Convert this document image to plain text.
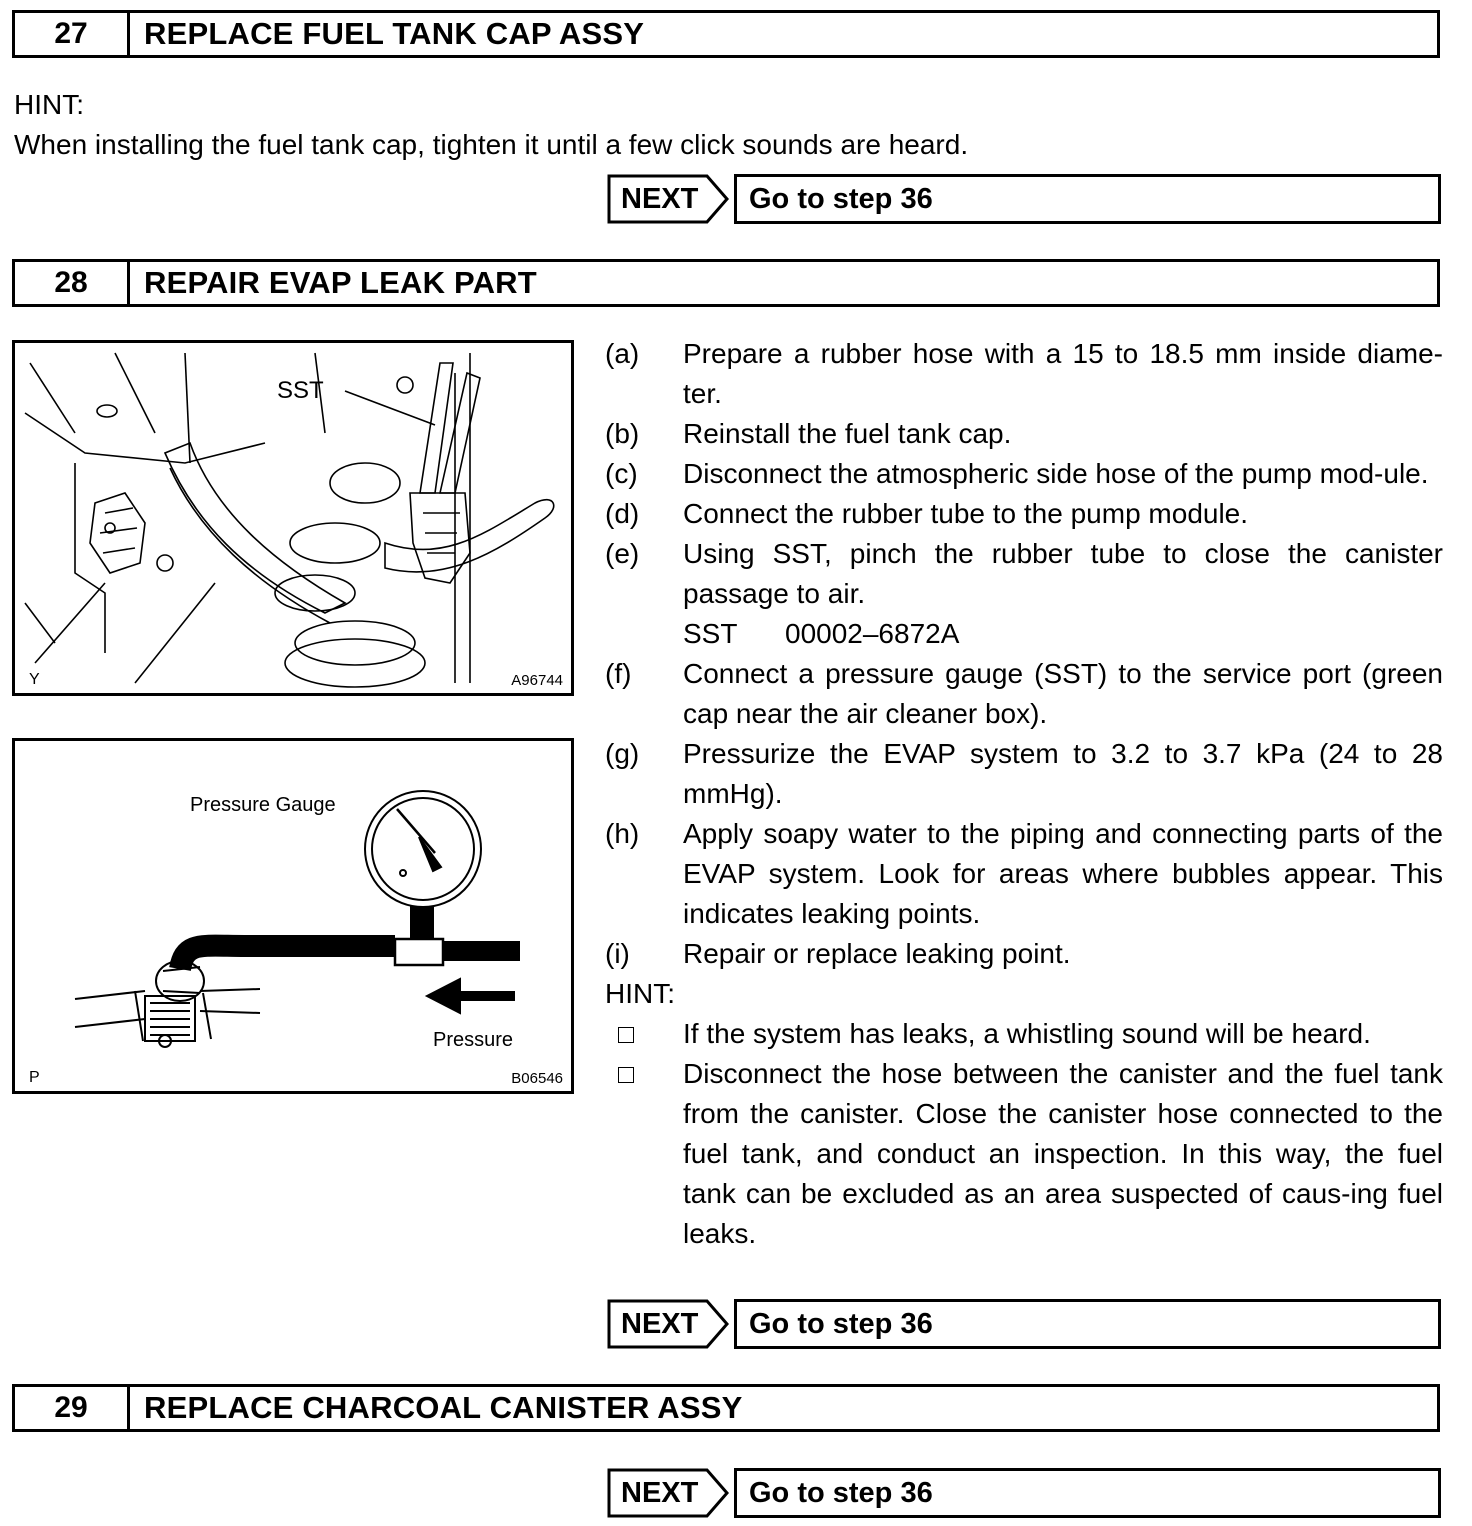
27	REPLACE FUEL TANK CAP ASSY
HINT:
When installing the fuel tank cap, tighten it until a few click sounds are heard.
NEXT	Go to step 36
28	REPAIR EVAP LEAK PART
SST
Y	A96744
Pressure Gauge
Pressure
P	B06546
(a)	Prepare a rubber hose with a 15 to 18.5 mm inside diame-ter.
(b)	Reinstall the fuel tank cap.
(c)	Disconnect the atmospheric side hose of the pump mod-ule.
(d)	Connect the rubber tube to the pump module.
(e)	Using SST, pinch the rubber tube to close the canister passage to air.
SST 00002–6872A
(f)	Connect a pressure gauge (SST) to the service port (green cap near the air cleaner box).
(g)	Pressurize the EVAP system to 3.2 to 3.7 kPa (24 to 28 mmHg).
(h)	Apply soapy water to the piping and connecting parts of the EVAP system. Look for areas where bubbles appear. This indicates leaking points.
(i)	Repair or replace leaking point.
HINT:
If the system has leaks, a whistling sound will be heard.
Disconnect the hose between the canister and the fuel tank from the canister. Close the canister hose connected to the fuel tank, and conduct an inspection. In this way, the fuel tank can be excluded as an area suspected of caus-ing fuel leaks.
NEXT	Go to step 36
29	REPLACE CHARCOAL CANISTER ASSY
NEXT	Go to step 36
